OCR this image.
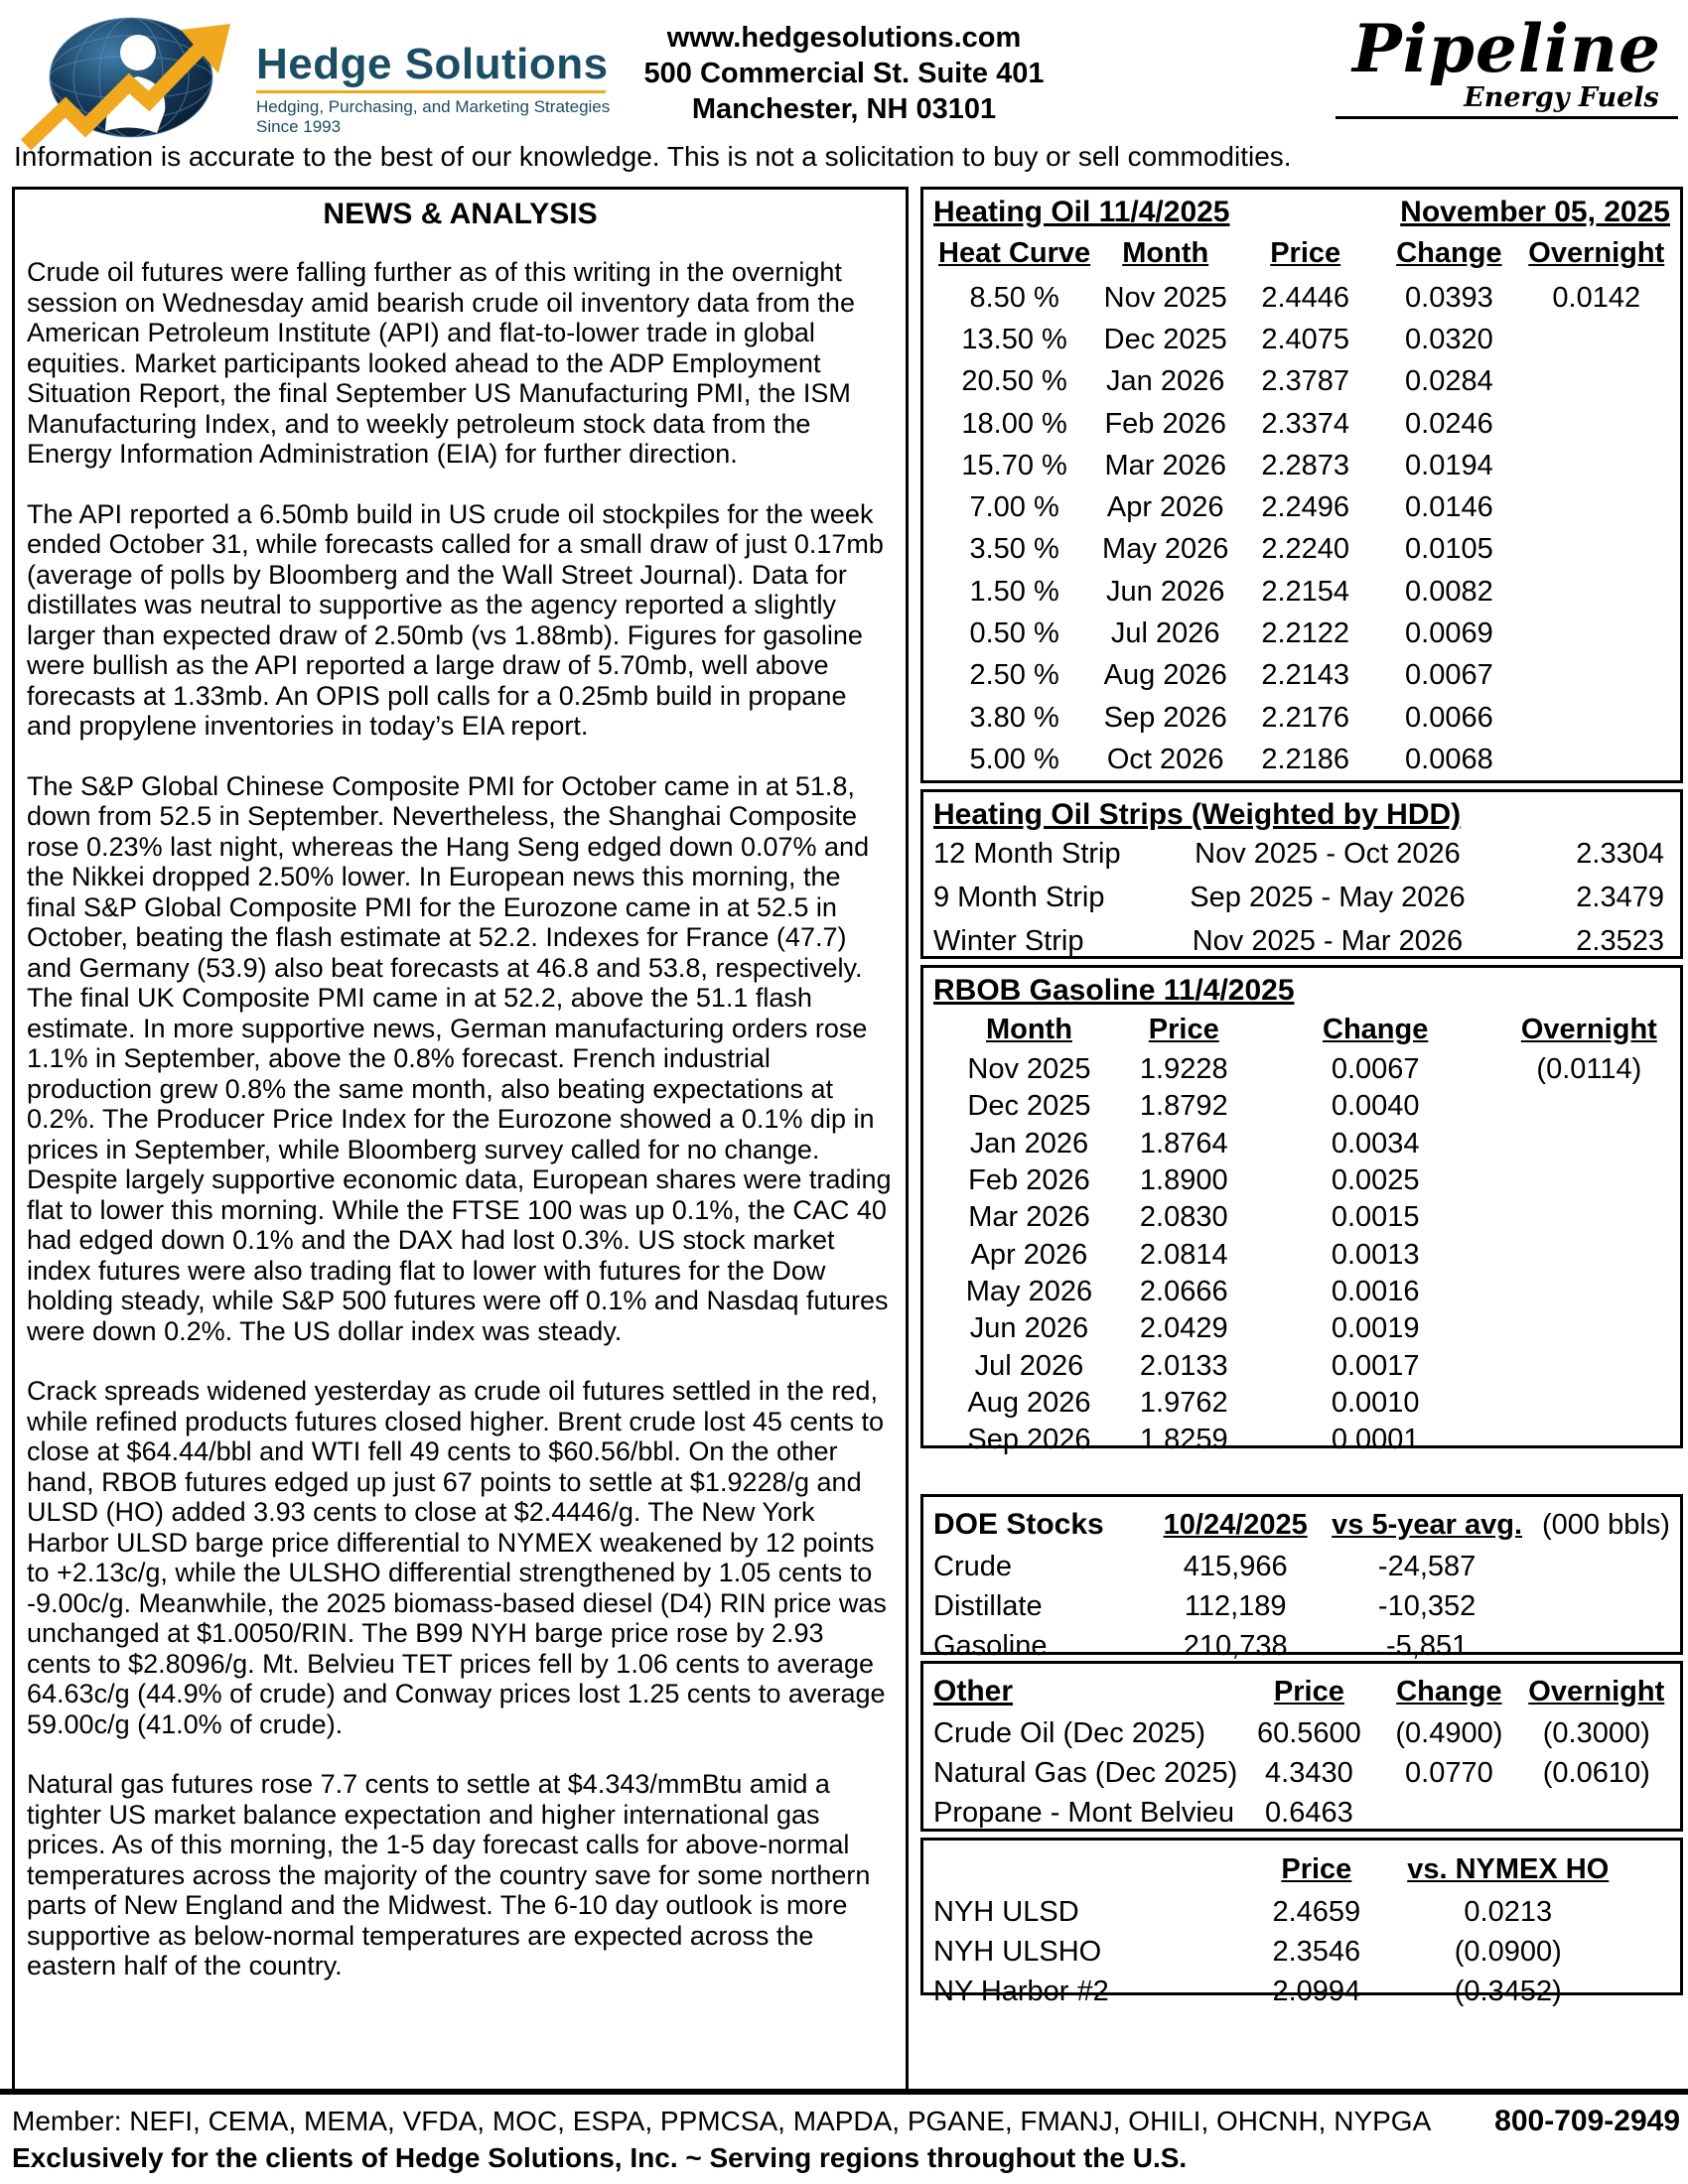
Hedge Solutions
Hedging, Purchasing, and Marketing Strategies Since 1993
www.hedgesolutions.com
500 Commercial St. Suite 401
Manchester, NH 03101
Pipeline
Energy Fuels
Information is accurate to the best of our knowledge. This is not a solicitation to buy or sell commodities.
NEWS & ANALYSIS
Crude oil futures were falling further as of this writing in the overnight session on Wednesday amid bearish crude oil inventory data from the American Petroleum Institute (API) and flat-to-lower trade in global equities. Market participants looked ahead to the ADP Employment Situation Report, the final September US Manufacturing PMI, the ISM Manufacturing Index, and to weekly petroleum stock data from the Energy Information Administration (EIA) for further direction.
The API reported a 6.50mb build in US crude oil stockpiles for the week ended October 31, while forecasts called for a small draw of just 0.17mb (average of polls by Bloomberg and the Wall Street Journal). Data for distillates was neutral to supportive as the agency reported a slightly larger than expected draw of 2.50mb (vs 1.88mb). Figures for gasoline were bullish as the API reported a large draw of 5.70mb, well above forecasts at 1.33mb. An OPIS poll calls for a 0.25mb build in propane and propylene inventories in today’s EIA report.
The S&P Global Chinese Composite PMI for October came in at 51.8, down from 52.5 in September. Nevertheless, the Shanghai Composite rose 0.23% last night, whereas the Hang Seng edged down 0.07% and the Nikkei dropped 2.50% lower. In European news this morning, the final S&P Global Composite PMI for the Eurozone came in at 52.5 in October, beating the flash estimate at 52.2. Indexes for France (47.7) and Germany (53.9) also beat forecasts at 46.8 and 53.8, respectively. The final UK Composite PMI came in at 52.2, above the 51.1 flash estimate. In more supportive news, German manufacturing orders rose 1.1% in September, above the 0.8% forecast. French industrial production grew 0.8% the same month, also beating expectations at 0.2%. The Producer Price Index for the Eurozone showed a 0.1% dip in prices in September, while Bloomberg survey called for no change. Despite largely supportive economic data, European shares were trading flat to lower this morning. While the FTSE 100 was up 0.1%, the CAC 40 had edged down 0.1% and the DAX had lost 0.3%. US stock market index futures were also trading flat to lower with futures for the Dow holding steady, while S&P 500 futures were off 0.1% and Nasdaq futures were down 0.2%. The US dollar index was steady.
Crack spreads widened yesterday as crude oil futures settled in the red, while refined products futures closed higher. Brent crude lost 45 cents to close at $64.44/bbl and WTI fell 49 cents to $60.56/bbl. On the other hand, RBOB futures edged up just 67 points to settle at $1.9228/g and ULSD (HO) added 3.93 cents to close at $2.4446/g. The New York Harbor ULSD barge price differential to NYMEX weakened by 12 points to +2.13c/g, while the ULSHO differential strengthened by 1.05 cents to -9.00c/g. Meanwhile, the 2025 biomass-based diesel (D4) RIN price was unchanged at $1.0050/RIN. The B99 NYH barge price rose by 2.93 cents to $2.8096/g. Mt. Belvieu TET prices fell by 1.06 cents to average 64.63c/g (44.9% of crude) and Conway prices lost 1.25 cents to average 59.00c/g (41.0% of crude).
Natural gas futures rose 7.7 cents to settle at $4.343/mmBtu amid a tighter US market balance expectation and higher international gas prices. As of this morning, the 1-5 day forecast calls for above-normal temperatures across the majority of the country save for some northern parts of New England and the Midwest. The 6-10 day outlook is more supportive as below-normal temperatures are expected across the eastern half of the country.
Heating Oil 11/4/2025	November 05, 2025
Heat Curve	Month	Price	Change Overnight
8.50 %	Nov 2025	2.4446	0.0393	0.0142
13.50 %	Dec 2025	2.4075	0.0320
20.50 %	Jan 2026	2.3787	0.0284
18.00 %	Feb 2026	2.3374	0.0246
15.70 %	Mar 2026	2.2873	0.0194
7.00 %	Apr 2026	2.2496	0.0146
3.50 %	May 2026	2.2240	0.0105
1.50 %	Jun 2026	2.2154	0.0082
0.50 %	Jul 2026	2.2122	0.0069
2.50 %	Aug 2026	2.2143	0.0067
3.80 %	Sep 2026	2.2176	0.0066
5.00 %	Oct 2026	2.2186	0.0068
Heating Oil Strips (Weighted by HDD)
12 Month Strip	Nov 2025 - Oct 2026	2.3304
9 Month Strip	Sep 2025 - May 2026	2.3479
Winter Strip	Nov 2025 - Mar 2026	2.3523
RBOB Gasoline 11/4/2025
Month	Price	Change	Overnight
Nov 2025	1.9228	0.0067	(0.0114)
Dec 2025	1.8792	0.0040
Jan 2026	1.8764	0.0034
Feb 2026	1.8900	0.0025
Mar 2026	2.0830	0.0015
Apr 2026	2.0814	0.0013
May 2026	2.0666	0.0016
Jun 2026	2.0429	0.0019
Jul 2026	2.0133	0.0017
Aug 2026	1.9762	0.0010
Sep 2026	1.8259	0.0001
DOE Stocks	10/24/2025 vs 5-year avg. (000 bbls)
Crude	415,966	-24,587
Distillate	112,189	-10,352
Gasoline	210,738	-5,851
Other	Price	Change Overnight
Crude Oil (Dec 2025)	60.5600	(0.4900)	(0.3000)
Natural Gas (Dec 2025) 4.3430	0.0770	(0.0610)
Propane - Mont Belvieu	0.6463
Price	vs. NYMEX HO
NYH ULSD	2.4659	0.0213
NYH ULSHO	2.3546	(0.0900)
NY Harbor #2	2.0994	(0.3452)
Member: NEFI, CEMA, MEMA, VFDA, MOC, ESPA, PPMCSA, MAPDA, PGANE, FMANJ, OHILI, OHCNH, NYPGA 800-709-2949
Exclusively for the clients of Hedge Solutions, Inc. ~ Serving regions throughout the U.S.
